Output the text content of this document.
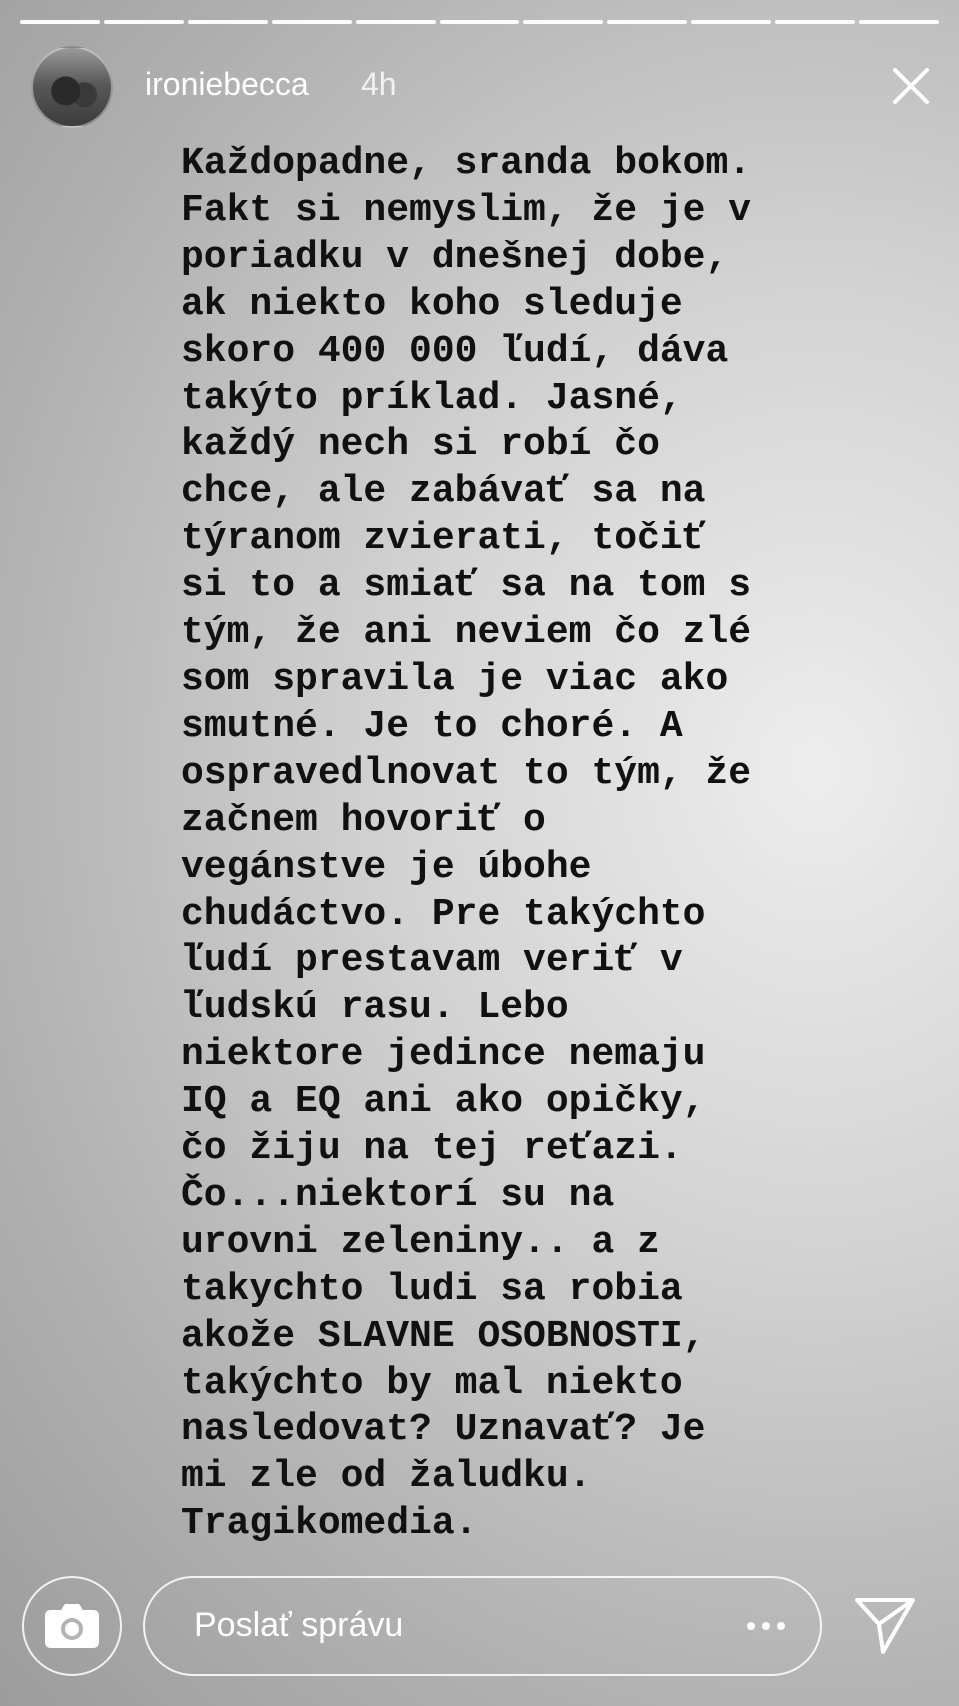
ironiebecca 4h
Každopadne, sranda bokom.
Fakt si nemyslim, že je v
poriadku v dnešnej dobe,
ak niekto koho sleduje
skoro 400 000 ľudí, dáva
takýto príklad. Jasné,
každý nech si robí čo
chce, ale zabávať sa na
týranom zvierati, točiť
si to a smiať sa na tom s
tým, že ani neviem čo zlé
som spravila je viac ako
smutné. Je to choré. A
ospravedlnovat to tým, že
začnem hovoriť o
vegánstve je úbohe
chudáctvo. Pre takýchto
ľudí prestavam veriť v
ľudskú rasu. Lebo
niektore jedince nemaju
IQ a EQ ani ako opičky,
čo žiju na tej reťazi.
Čo...niektorí su na
urovni zeleniny.. a z
takychto ludi sa robia
akože SLAVNE OSOBNOSTI,
takýchto by mal niekto
nasledovat? Uznavať? Je
mi zle od žaludku.
Tragikomedia.
Poslať správu
